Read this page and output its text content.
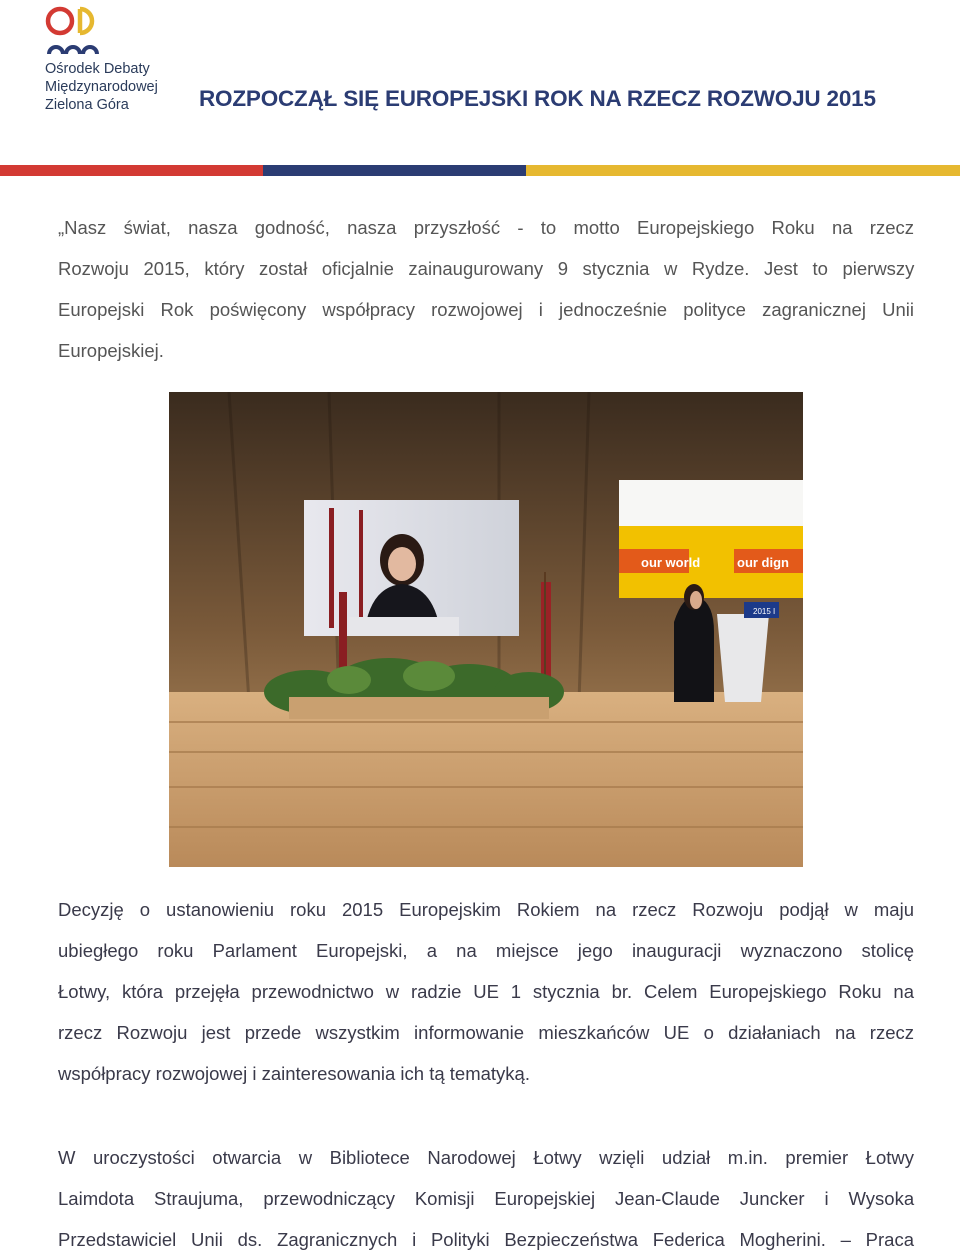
Ośrodek Debaty
Międzynarodowej
Zielona Góra	ROZPOCZĄŁ SIĘ EUROPEJSKI ROK NA RZECZ ROZWOJU 2015
„Nasz świat, nasza godność, nasza przyszłość - to motto Europejskiego Roku na rzecz
Rozwoju 2015, który został oficjalnie zainaugurowany 9 stycznia w Rydze. Jest to pierwszy
Europejski Rok poświęcony współpracy rozwojowej i jednocześnie polityce zagranicznej Unii
Europejskiej.
our world	our dign
2015 I
Decyzję o ustanowieniu roku 2015 Europejskim Rokiem na rzecz Rozwoju podjął w maju
ubiegłego roku Parlament Europejski, a na miejsce jego inauguracji wyznaczono stolicę
Łotwy, która przejęła przewodnictwo w radzie UE 1 stycznia br. Celem Europejskiego Roku na
rzecz Rozwoju jest przede wszystkim informowanie mieszkańców UE o działaniach na rzecz
współpracy rozwojowej i zainteresowania ich tą tematyką.
W uroczystości otwarcia w Bibliotece Narodowej Łotwy wzięli udział m.in. premier Łotwy
Laimdota Straujuma, przewodniczący Komisji Europejskiej Jean-Claude Juncker i Wysoka
Przedstawiciel Unii ds. Zagranicznych i Polityki Bezpieczeństwa Federica Mogherini. – Praca
